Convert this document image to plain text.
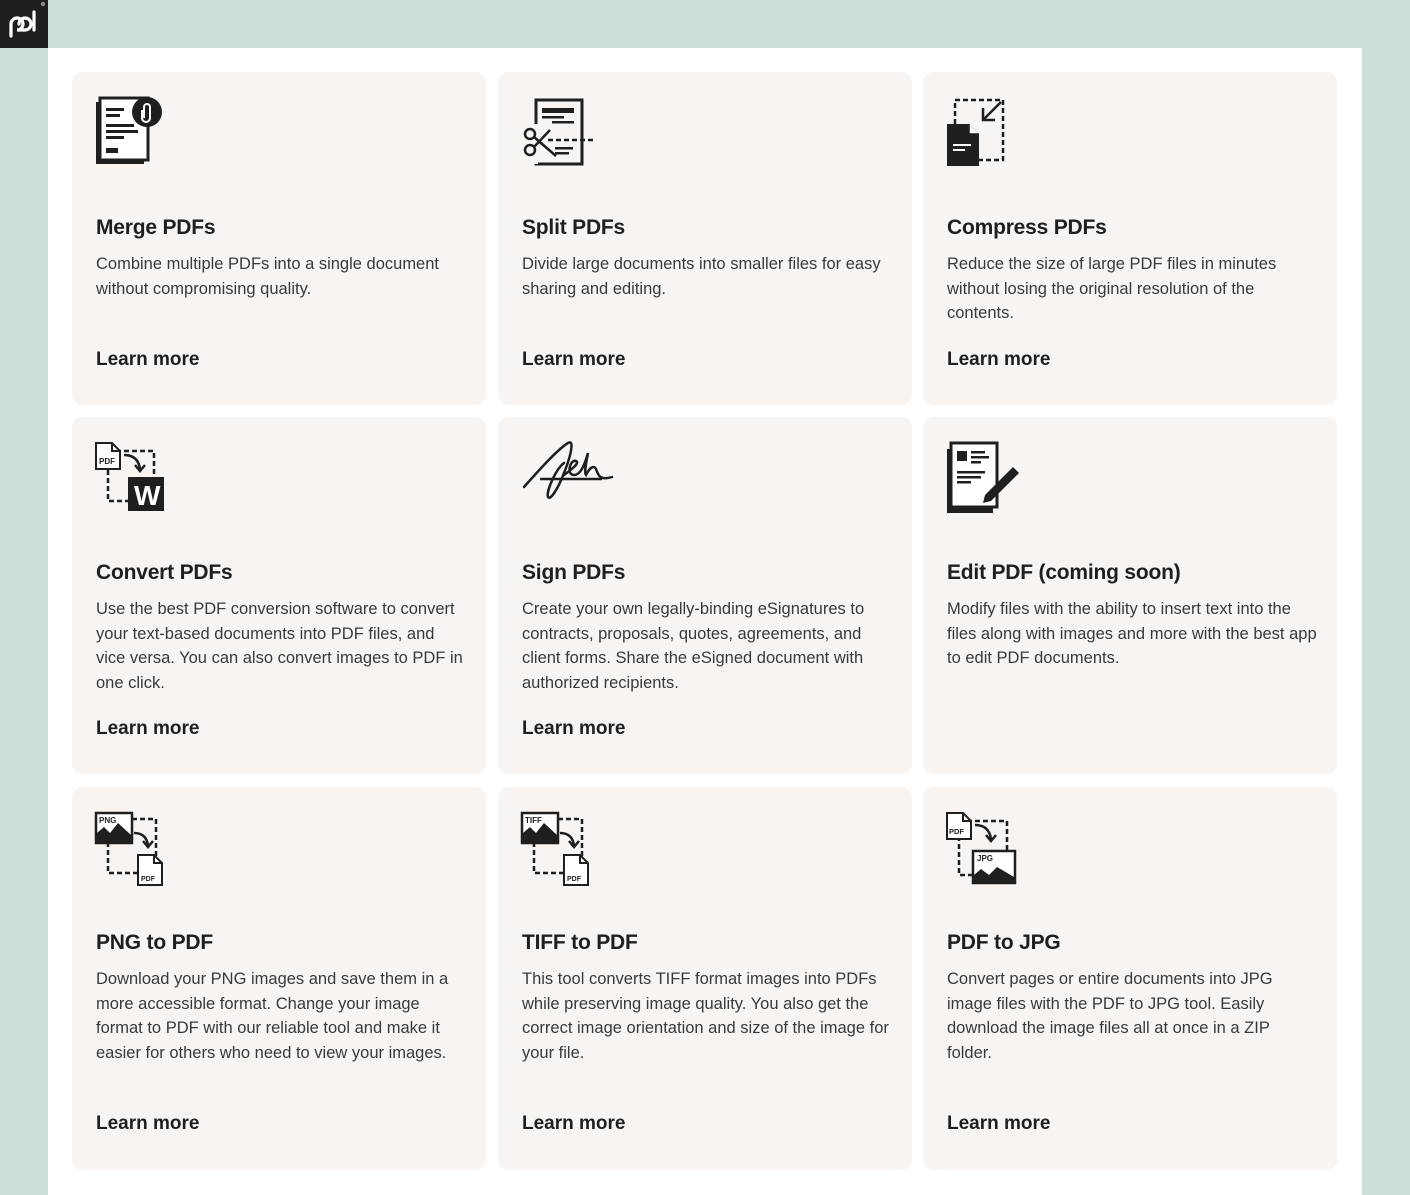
Merge PDFs

Combine multiple PDFs into a single document without compromising quality.

Learn more
Split PDFs

Divide large documents into smaller files for easy sharing and editing.

Learn more
Compress PDFs

Reduce the size of large PDF files in minutes without losing the original resolution of the contents.

Learn more
PDF
W
Convert PDFs

Use the best PDF conversion software to convert your text-based documents into PDF files, and vice versa. You can also convert images to PDF in one click.

Learn more
Sign PDFs

Create your own legally-binding eSignatures to contracts, proposals, quotes, agreements, and client forms. Share the eSigned document with authorized recipients.

Learn more
Edit PDF (coming soon)

Modify files with the ability to insert text into the files along with images and more with the best app to edit PDF documents.

PNG
PDF
PNG to PDF

Download your PNG images and save them in a more accessible format. Change your image format to PDF with our reliable tool and make it easier for others who need to view your images.

Learn more
TIFF
PDF
TIFF to PDF

This tool converts TIFF format images into PDFs while preserving image quality. You also get the correct image orientation and size of the image for your file.

Learn more
PDF
JPG
PDF to JPG

Convert pages or entire documents into JPG image files with the PDF to JPG tool. Easily download the image files all at once in a ZIP folder.

Learn more
